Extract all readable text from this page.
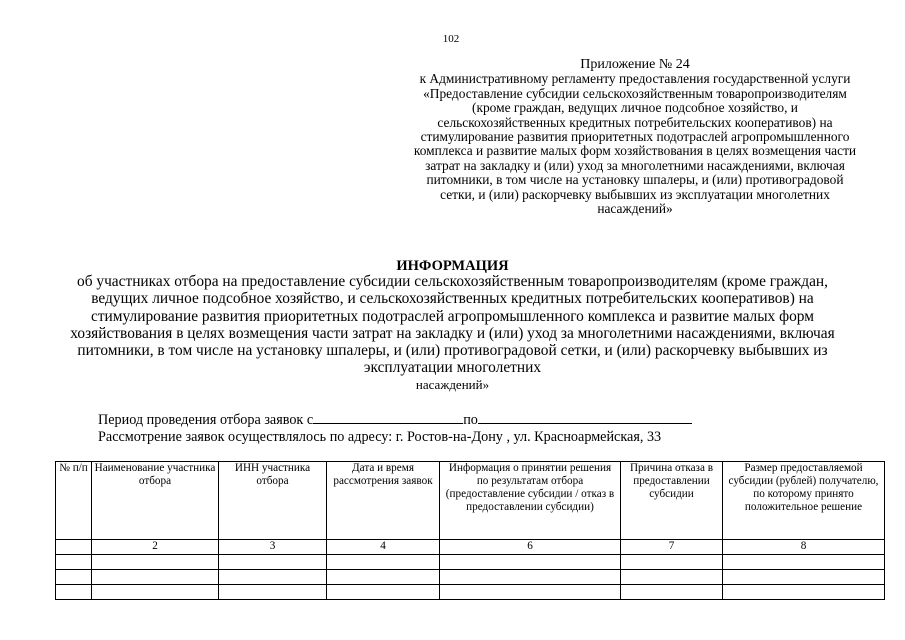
102
Приложение № 24
к Административному регламенту предоставления государственной услуги «Предоставление субсидии сельскохозяйственным товаропроизводителям (кроме граждан, ведущих личное подсобное хозяйство, и сельскохозяйственных кредитных потребительских кооперативов) на стимулирование развития приоритетных подотраслей агропромышленного комплекса и развитие малых форм хозяйствования в целях возмещения части затрат на закладку и (или) уход за многолетними насаждениями, включая питомники, в том числе на установку шпалеры, и (или) противоградовой сетки, и (или) раскорчевку выбывших из эксплуатации многолетних насаждений»
ИНФОРМАЦИЯ
об участниках отбора на предоставление субсидии сельскохозяйственным товаропроизводителям (кроме граждан, ведущих личное подсобное хозяйство, и сельскохозяйственных кредитных потребительских кооперативов) на стимулирование развития приоритетных подотраслей агропромышленного комплекса и развитие малых форм хозяйствования в целях возмещения части затрат на закладку и (или) уход за многолетними насаждениями, включая питомники, в том числе на установку шпалеры, и (или) противоградовой сетки, и (или) раскорчевку выбывших из эксплуатации многолетних
насаждений»
Период проведения отбора заявок с	по
Рассмотрение заявок осуществлялось по адресу: г. Ростов-на-Дону , ул. Красноармейская, 33
№ п/п	Наименование участника отбора	ИНН участника отбора	Дата и время рассмотрения заявок	Информация о принятии решения по результатам отбора (предоставление субсидии / отказ в предоставлении субсидии)	Причина отказа в предоставлении субсидии	Размер предоставляемой субсидии (рублей) получателю, по которому принято положительное решение
	2	3	4	6	7	8
